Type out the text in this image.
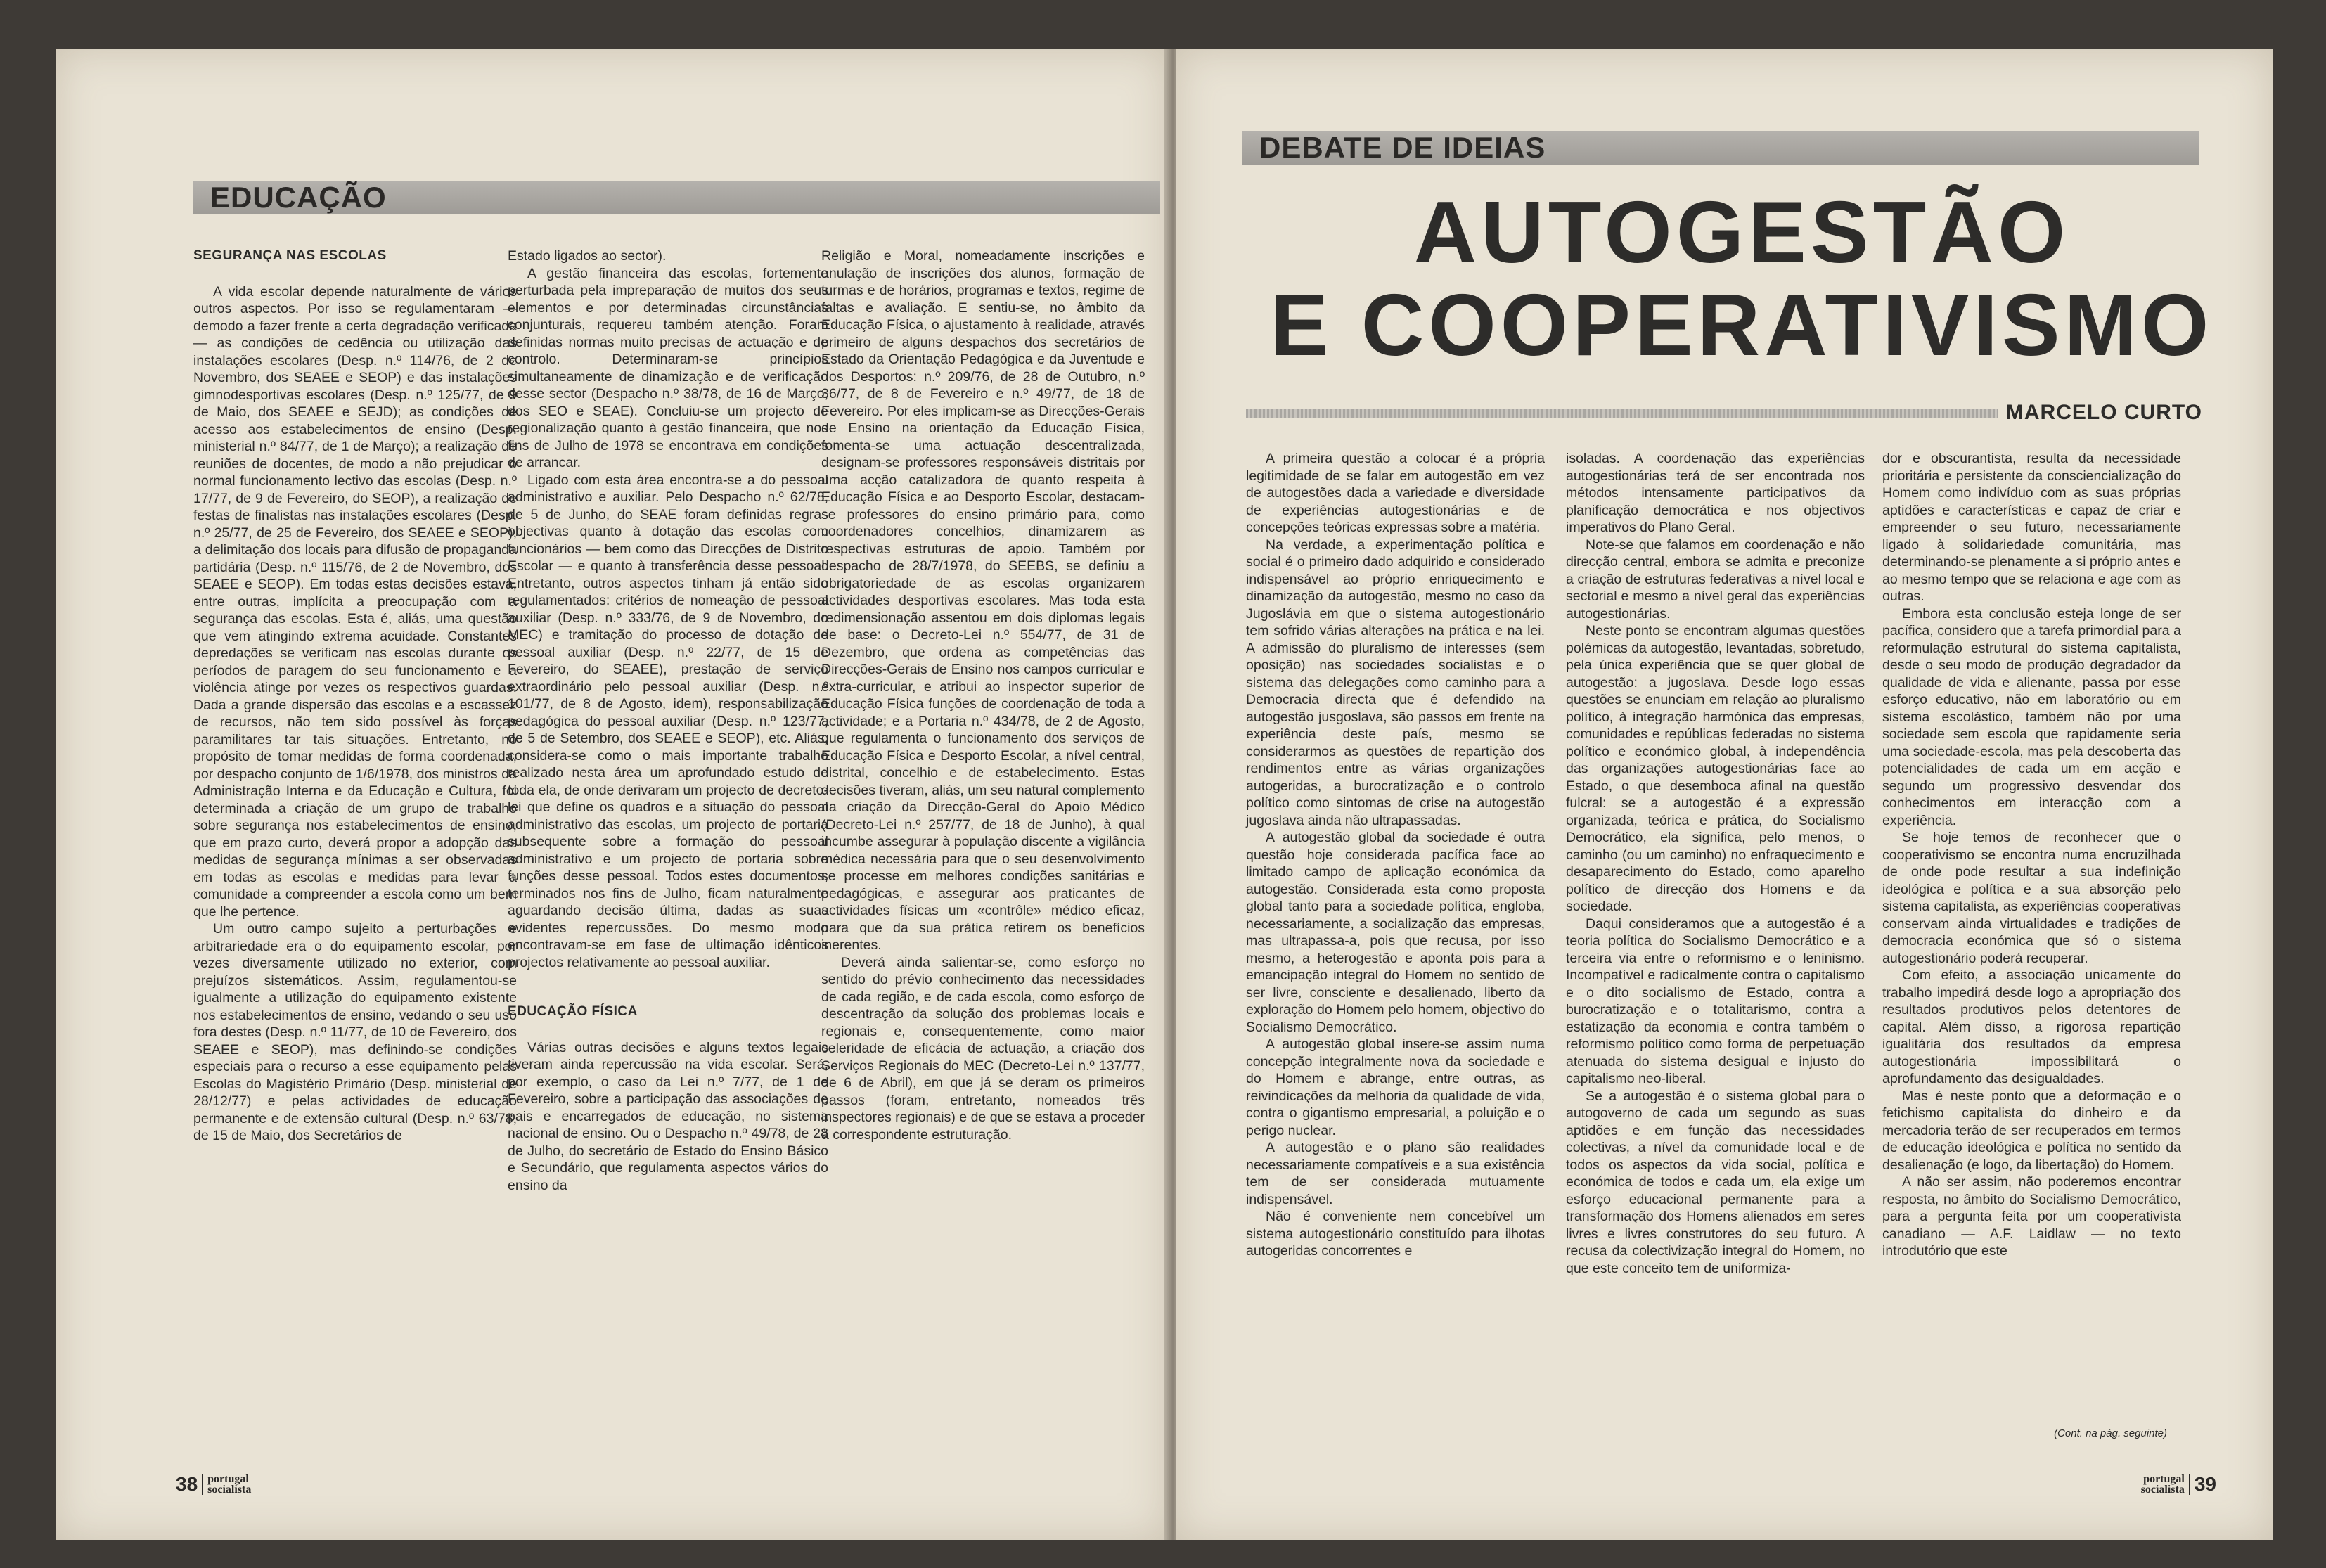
EDUCAÇÃO

SEGURANÇA NAS ESCOLAS

A vida escolar depende naturalmente de vários outros aspectos. Por isso se regulamentaram — demodo a fazer frente a certa degradação verificada — as condições de cedência ou utilização das instalações escolares (Desp. n.º 114/76, de 2 de Novembro, dos SEAEE e SEOP) e das instalações gimnodesportivas escolares (Desp. n.º 125/77, de 9 de Maio, dos SEAEE e SEJD); as condições de acesso aos estabelecimentos de ensino (Desp. ministerial n.º 84/77, de 1 de Março); a realização de reuniões de docentes, de modo a não prejudicar o normal funcionamento lectivo das escolas (Desp. n.º 17/77, de 9 de Fevereiro, do SEOP), a realização de festas de finalistas nas instalações escolares (Desp. n.º 25/77, de 25 de Fevereiro, dos SEAEE e SEOP), a delimitação dos locais para difusão de propaganda partidária (Desp. n.º 115/76, de 2 de Novembro, dos SEAEE e SEOP). Em todas estas decisões estava, entre outras, implícita a preocupação com a segurança das escolas. Esta é, aliás, uma questão que vem atingindo extrema acuidade. Constantes depredações se verificam nas escolas durante os períodos de paragem do seu funcionamento e a violência atinge por vezes os respectivos guardas. Dada a grande dispersão das escolas e a escassez de recursos, não tem sido possível às forças paramilitares tar tais situações. Entretanto, no propósito de tomar medidas de forma coordenada, por despacho conjunto de 1/6/1978, dos ministros da Administração Interna e da Educação e Cultura, foi determinada a criação de um grupo de trabalho sobre segurança nos estabelecimentos de ensino, que em prazo curto, deverá propor a adopção das medidas de segurança mínimas a ser observadas em todas as escolas e medidas para levar a comunidade a compreender a escola como um bem que lhe pertence.

Um outro campo sujeito a perturbações e arbitrariedade era o do equipamento escolar, por vezes diversamente utilizado no exterior, com prejuízos sistemáticos. Assim, regulamentou-se igualmente a utilização do equipamento existente nos estabelecimentos de ensino, vedando o seu uso fora destes (Desp. n.º 11/77, de 10 de Fevereiro, dos SEAEE e SEOP), mas definindo-se condições especiais para o recurso a esse equipamento pelas Escolas do Magistério Primário (Desp. ministerial de 28/12/77) e pelas actividades de educação permanente e de extensão cultural (Desp. n.º 63/78, de 15 de Maio, dos Secretários de

Estado ligados ao sector).

A gestão financeira das escolas, fortemente perturbada pela impreparação de muitos dos seus elementos e por determinadas circunstâncias conjunturais, requereu também atenção. Foram definidas normas muito precisas de actuação e de controlo. Determinaram-se princípios simultaneamente de dinamização e de verificação desse sector (Despacho n.º 38/78, de 16 de Março, dos SEO e SEAE). Concluiu-se um projecto de regionalização quanto à gestão financeira, que nos fins de Julho de 1978 se encontrava em condições de arrancar.

Ligado com esta área encontra-se a do pessoal administrativo e auxiliar. Pelo Despacho n.º 62/78, de 5 de Junho, do SEAE foram definidas regras objectivas quanto à dotação das escolas com funcionários — bem como das Direcções de Distrito Escolar — e quanto à transferência desse pessoal. Entretanto, outros aspectos tinham já então sido regulamentados: critérios de nomeação de pessoal auxiliar (Desp. n.º 333/76, de 9 de Novembro, do MEC) e tramitação do processo de dotação de pessoal auxiliar (Desp. n.º 22/77, de 15 de Fevereiro, do SEAEE), prestação de serviço extraordinário pelo pessoal auxiliar (Desp. n.º 101/77, de 8 de Agosto, idem), responsabilização pedagógica do pessoal auxiliar (Desp. n.º 123/77, de 5 de Setembro, dos SEAEE e SEOP), etc. Aliás, considera-se como o mais importante trabalho realizado nesta área um aprofundado estudo de toda ela, de onde derivaram um projecto de decreto-lei que define os quadros e a situação do pessoal administrativo das escolas, um projecto de portaria subsequente sobre a formação do pessoal administrativo e um projecto de portaria sobre funções desse pessoal. Todos estes documentos, terminados nos fins de Julho, ficam naturalmente aguardando decisão última, dadas as suas evidentes repercussões. Do mesmo modo encontravam-se em fase de ultimação idênticos projectos relativamente ao pessoal auxiliar.

EDUCAÇÃO FÍSICA

Várias outras decisões e alguns textos legais tiveram ainda repercussão na vida escolar. Será, por exemplo, o caso da Lei n.º 7/77, de 1 de Fevereiro, sobre a participação das associações de pais e encarregados de educação, no sistema nacional de ensino. Ou o Despacho n.º 49/78, de 28 de Julho, do secretário de Estado do Ensino Básico e Secundário, que regulamenta aspectos vários do ensino da

Religião e Moral, nomeadamente inscrições e anulação de inscrições dos alunos, formação de turmas e de horários, programas e textos, regime de faltas e avaliação. E sentiu-se, no âmbito da Educação Física, o ajustamento à realidade, através primeiro de alguns despachos dos secretários de Estado da Orientação Pedagógica e da Juventude e dos Desportos: n.º 209/76, de 28 de Outubro, n.º 36/77, de 8 de Fevereiro e n.º 49/77, de 18 de Fevereiro. Por eles implicam-se as Direcções-Gerais de Ensino na orientação da Educação Física, fomenta-se uma actuação descentralizada, designam-se professores responsáveis distritais por uma acção catalizadora de quanto respeita à Educação Física e ao Desporto Escolar, destacam-se professores do ensino primário para, como coordenadores concelhios, dinamizarem as respectivas estruturas de apoio. Também por despacho de 28/7/1978, do SEEBS, se definiu a obrigatoriedade de as escolas organizarem actividades desportivas escolares. Mas toda esta redimensionação assentou em dois diplomas legais de base: o Decreto-Lei n.º 554/77, de 31 de Dezembro, que ordena as competências das Direcções-Gerais de Ensino nos campos curricular e extra-curricular, e atribui ao inspector superior de Educação Física funções de coordenação de toda a actividade; e a Portaria n.º 434/78, de 2 de Agosto, que regulamenta o funcionamento dos serviços de Educação Física e Desporto Escolar, a nível central, distrital, concelhio e de estabelecimento. Estas decisões tiveram, aliás, um seu natural complemento na criação da Direcção-Geral do Apoio Médico (Decreto-Lei n.º 257/77, de 18 de Junho), à qual incumbe assegurar à população discente a vigilância médica necessária para que o seu desenvolvimento se processe em melhores condições sanitárias e pedagógicas, e assegurar aos praticantes de actividades físicas um «contrôle» médico eficaz, para que da sua prática retirem os benefícios inerentes.

Deverá ainda salientar-se, como esforço no sentido do prévio conhecimento das necessidades de cada região, e de cada escola, como esforço de descentração da solução dos problemas locais e regionais e, consequentemente, como maior celeridade de eficácia de actuação, a criação dos Serviços Regionais do MEC (Decreto-Lei n.º 137/77, de 6 de Abril), em que já se deram os primeiros passos (foram, entretanto, nomeados três inspectores regionais) e de que se estava a proceder à correspondente estruturação.

38 portugal
socialista
DEBATE DE IDEIAS
AUTOGESTÃO
E COOPERATIVISMO
MARCELO CURTO

A primeira questão a colocar é a própria legitimidade de se falar em autogestão em vez de autogestões dada a variedade e diversidade de experiências autogestionárias e de concepções teóricas expressas sobre a matéria.

Na verdade, a experimentação política e social é o primeiro dado adquirido e considerado indispensável ao próprio enriquecimento e dinamização da autogestão, mesmo no caso da Jugoslávia em que o sistema autogestionário tem sofrido várias alterações na prática e na lei. A admissão do pluralismo de interesses (sem oposição) nas sociedades socialistas e o sistema das delegações como caminho para a Democracia directa que é defendido na autogestão jusgoslava, são passos em frente na experiência deste país, mesmo se considerarmos as questões de repartição dos rendimentos entre as várias organizações autogeridas, a burocratização e o controlo político como sintomas de crise na autogestão jugoslava ainda não ultrapassadas.

A autogestão global da sociedade é outra questão hoje considerada pacífica face ao limitado campo de aplicação económica da autogestão. Considerada esta como proposta global tanto para a sociedade política, engloba, necessariamente, a socialização das empresas, mas ultrapassa-a, pois que recusa, por isso mesmo, a heterogestão e aponta pois para a emancipação integral do Homem no sentido de ser livre, consciente e desalienado, liberto da exploração do Homem pelo homem, objectivo do Socialismo Democrático.

A autogestão global insere-se assim numa concepção integralmente nova da sociedade e do Homem e abrange, entre outras, as reivindicações da melhoria da qualidade de vida, contra o gigantismo empresarial, a poluição e o perigo nuclear.

A autogestão e o plano são realidades necessariamente compatíveis e a sua existência tem de ser considerada mutuamente indispensável.

Não é conveniente nem concebível um sistema autogestionário constituído para ilhotas autogeridas concorrentes e

isoladas. A coordenação das experiências autogestionárias terá de ser encontrada nos métodos intensamente participativos da planificação democrática e nos objectivos imperativos do Plano Geral.

Note-se que falamos em coordenação e não direcção central, embora se admita e preconize a criação de estruturas federativas a nível local e sectorial e mesmo a nível geral das experiências autogestionárias.

Neste ponto se encontram algumas questões polémicas da autogestão, levantadas, sobretudo, pela única experiência que se quer global de autogestão: a jugoslava. Desde logo essas questões se enunciam em relação ao pluralismo político, à integração harmónica das empresas, comunidades e repúblicas federadas no sistema político e económico global, à independência das organizações autogestionárias face ao Estado, o que desemboca afinal na questão fulcral: se a autogestão é a expressão organizada, teórica e prática, do Socialismo Democrático, ela significa, pelo menos, o caminho (ou um caminho) no enfraquecimento e desaparecimento do Estado, como aparelho político de direcção dos Homens e da sociedade.

Daqui consideramos que a autogestão é a teoria política do Socialismo Democrático e a terceira via entre o reformismo e o leninismo. Incompatível e radicalmente contra o capitalismo e o dito socialismo de Estado, contra a burocratização e o totalitarismo, contra a estatização da economia e contra também o reformismo político como forma de perpetuação atenuada do sistema desigual e injusto do capitalismo neo-liberal.

Se a autogestão é o sistema global para o autogoverno de cada um segundo as suas aptidões e em função das necessidades colectivas, a nível da comunidade local e de todos os aspectos da vida social, política e económica de todos e cada um, ela exige um esforço educacional permanente para a transformação dos Homens alienados em seres livres e livres construtores do seu futuro. A recusa da colectivização integral do Homem, no que este conceito tem de uniformiza-

dor e obscurantista, resulta da necessidade prioritária e persistente da consciencialização do Homem como indivíduo com as suas próprias aptidões e características e capaz de criar e empreender o seu futuro, necessariamente ligado à solidariedade comunitária, mas determinando-se plenamente a si próprio antes e ao mesmo tempo que se relaciona e age com as outras.

Embora esta conclusão esteja longe de ser pacífica, considero que a tarefa primordial para a reformulação estrutural do sistema capitalista, desde o seu modo de produção degradador da qualidade de vida e alienante, passa por esse esforço educativo, não em laboratório ou em sistema escolástico, também não por uma sociedade sem escola que rapidamente seria uma sociedade-escola, mas pela descoberta das potencialidades de cada um em acção e segundo um progressivo desvendar dos conhecimentos em interacção com a experiência.

Se hoje temos de reconhecer que o cooperativismo se encontra numa encruzilhada de onde pode resultar a sua indefinição ideológica e política e a sua absorção pelo sistema capitalista, as experiências cooperativas conservam ainda virtualidades e tradições de democracia económica que só o sistema autogestionário poderá recuperar.

Com efeito, a associação unicamente do trabalho impedirá desde logo a apropriação dos resultados produtivos pelos detentores de capital. Além disso, a rigorosa repartição igualitária dos resultados da empresa autogestionária impossibilitará o aprofundamento das desigualdades.

Mas é neste ponto que a deformação e o fetichismo capitalista do dinheiro e da mercadoria terão de ser recuperados em termos de educação ideológica e política no sentido da desalienação (e logo, da libertação) do Homem.

A não ser assim, não poderemos encontrar resposta, no âmbito do Socialismo Democrático, para a pergunta feita por um cooperativista canadiano — A.F. Laidlaw — no texto introdutório que este

(Cont. na pág. seguinte)
portugal
socialista 39
